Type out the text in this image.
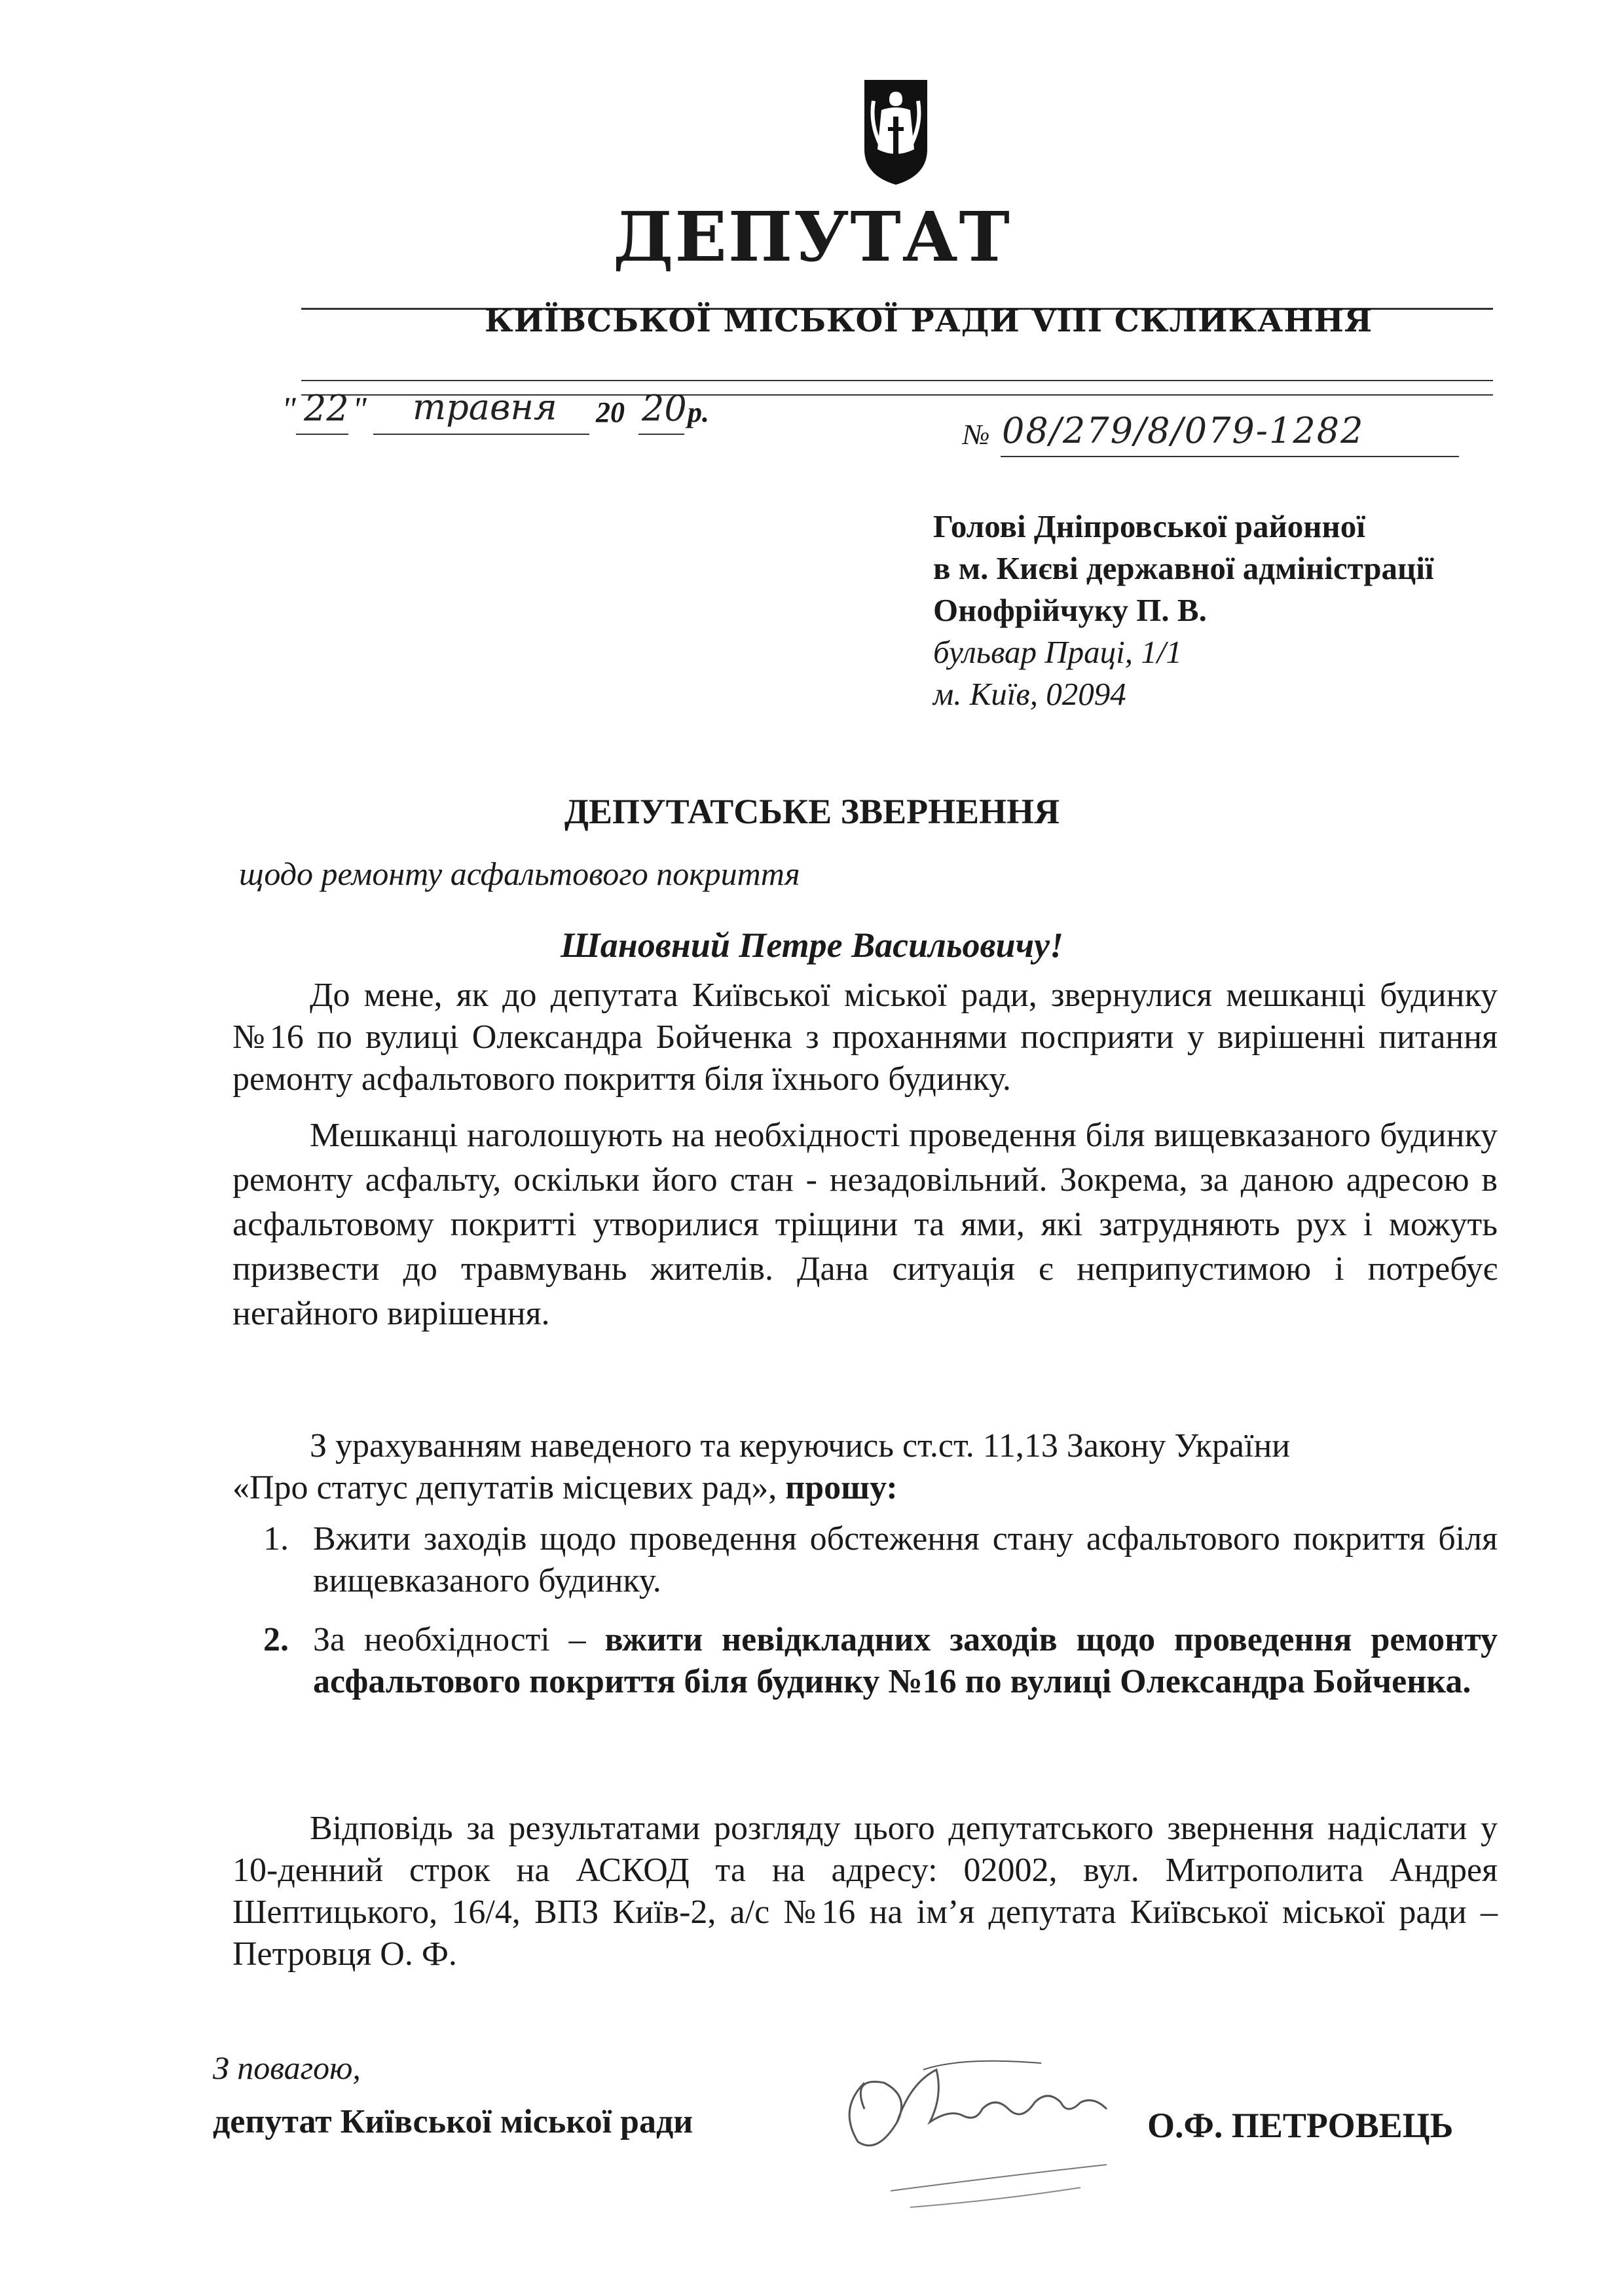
ДЕПУТАТ
КИЇВСЬКОЇ МІСЬКОЇ РАДИ VIII СКЛИКАННЯ
" 22 " травня 20 20 р.
№ 08/279/8/079-1282
Голові Дніпровської районної
в м. Києві державної адміністрації
Онофрійчуку П. В.
бульвар Праці, 1/1
м. Київ, 02094
ДЕПУТАТСЬКЕ ЗВЕРНЕННЯ
щодо ремонту асфальтового покриття
Шановний Петре Васильовичу!

До мене, як до депутата Київської міської ради, звернулися мешканці будинку №16 по вулиці Олександра Бойченка з проханнями посприяти у вирішенні питання ремонту асфальтового покриття біля їхнього будинку.

Мешканці наголошують на необхідності проведення біля вищевказаного будинку ремонту асфальту, оскільки його стан - незадовільний. Зокрема, за даною адресою в асфальтовому покритті утворилися тріщини та ями, які затрудняють рух і можуть призвести до травмувань жителів. Дана ситуація є неприпустимою і потребує негайного вирішення.

З урахуванням наведеного та керуючись ст.ст. 11,13 Закону України
«Про статус депутатів місцевих рад», прошу:
1. Вжити заходів щодо проведення обстеження стану асфальтового покриття біля вищевказаного будинку.
2. За необхідності – вжити невідкладних заходів щодо проведення ремонту асфальтового покриття біля будинку №16 по вулиці Олександра Бойченка.

Відповідь за результатами розгляду цього депутатського звернення надіслати у 10-денний строк на АСКОД та на адресу: 02002, вул. Митрополита Андрея Шептицького, 16/4, ВПЗ Київ-2, а/с №16 на ім’я депутата Київської міської ради – Петровця О. Ф.

З повагою,
депутат Київської міської ради	О.Ф. ПЕТРОВЕЦЬ
